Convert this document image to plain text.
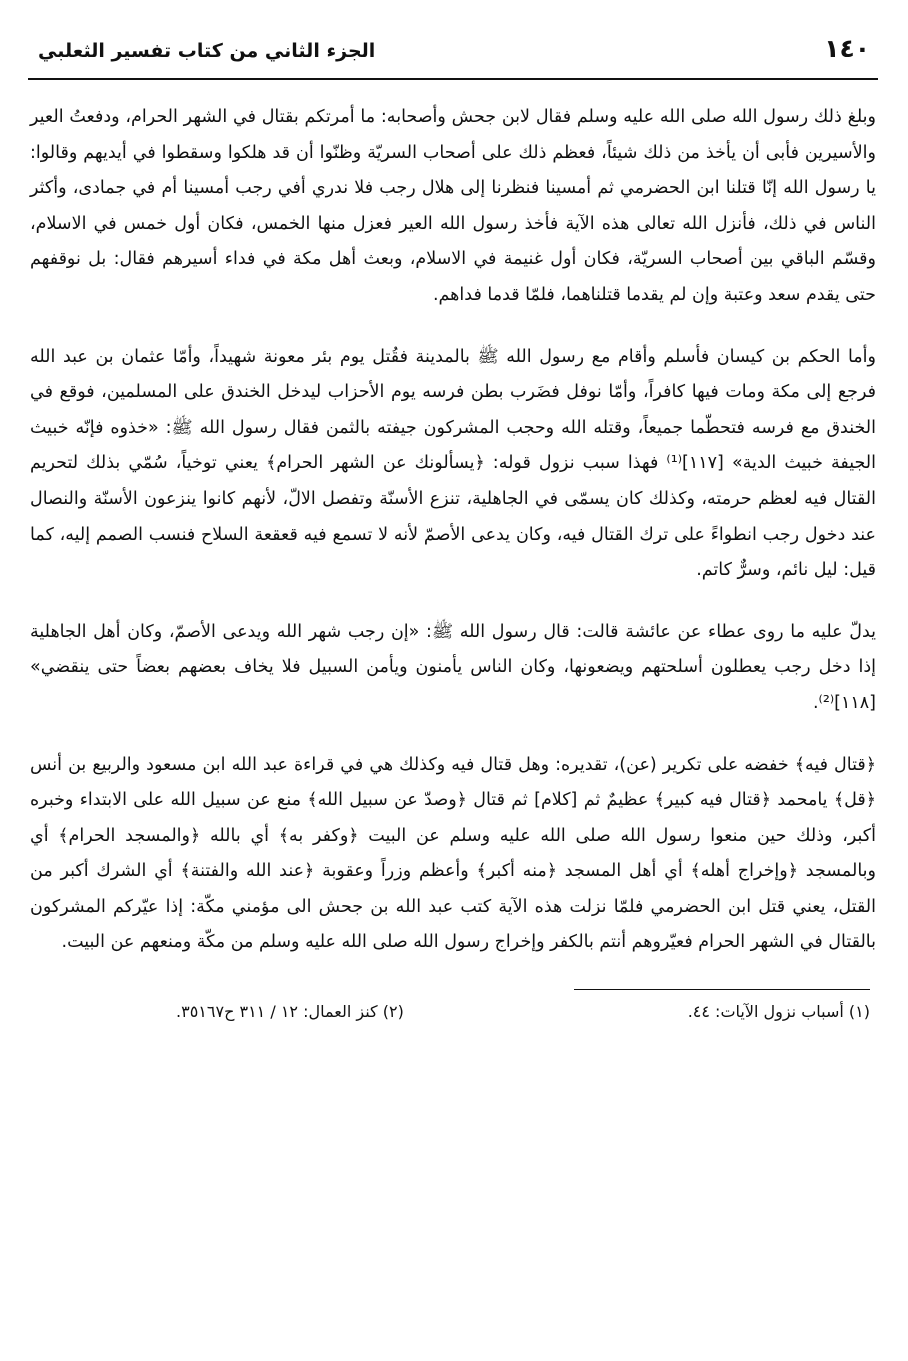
١٤٠
الجزء الثاني من كتاب تفسير الثعلبي

وبلغ ذلك رسول الله صلى الله عليه وسلم فقال لابن جحش وأصحابه: ما أمرتكم بقتال في الشهر الحرام، ودفعتُ العير والأسيرين فأبى أن يأخذ من ذلك شيئاً، فعظم ذلك على أصحاب السريّة وظنّوا أن قد هلكوا وسقطوا في أيديهم وقالوا: يا رسول الله إنّا قتلنا ابن الحضرمي ثم أمسينا فنظرنا إلى هلال رجب فلا ندري أفي رجب أمسينا أم في جمادى، وأكثر الناس في ذلك، فأنزل الله تعالى هذه الآية فأخذ رسول الله العير فعزل منها الخمس، فكان أول خمس في الاسلام، وقسّم الباقي بين أصحاب السريّة، فكان أول غنيمة في الاسلام، وبعث أهل مكة في فداء أسيرهم فقال: بل نوقفهم حتى يقدم سعد وعتبة وإن لم يقدما قتلناهما، فلمّا قدما فداهم.

وأما الحكم بن كيسان فأسلم وأقام مع رسول الله ﷺ بالمدينة فقُتل يوم بئر معونة شهيداً، وأمّا عثمان بن عبد الله فرجع إلى مكة ومات فيها كافراً، وأمّا نوفل فضَرب بطن فرسه يوم الأحزاب ليدخل الخندق على المسلمين، فوقع في الخندق مع فرسه فتحطّما جميعاً، وقتله الله وحجب المشركون جيفته بالثمن فقال رسول الله ﷺ: «خذوه فإنّه خبيث الجيفة خبيث الدية» [١١٧]⁽¹⁾ فهذا سبب نزول قوله: ﴿يسألونك عن الشهر الحرام﴾ يعني توخياً، سُمّي بذلك لتحريم القتال فيه لعظم حرمته، وكذلك كان يسمّى في الجاهلية، تنزع الأسنّة وتفصل الالّ، لأنهم كانوا ينزعون الأسنّة والنصال عند دخول رجب انطواءً على ترك القتال فيه، وكان يدعى الأصمّ لأنه لا تسمع فيه قعقعة السلاح فنسب الصمم إليه، كما قيل: ليل نائم، وسرٌّ كاتم.

يدلّ عليه ما روى عطاء عن عائشة قالت: قال رسول الله ﷺ: «إن رجب شهر الله ويدعى الأصمّ، وكان أهل الجاهلية إذا دخل رجب يعطلون أسلحتهم ويضعونها، وكان الناس يأمنون ويأمن السبيل فلا يخاف بعضهم بعضاً حتى ينقضي» [١١٨]⁽²⁾.

﴿قتال فيه﴾ خفضه على تكرير (عن)، تقديره: وهل قتال فيه وكذلك هي في قراءة عبد الله ابن مسعود والربيع بن أنس ﴿قل﴾ يامحمد ﴿قتال فيه كبير﴾ عظيمٌ ثم [كلام] ثم قتال ﴿وصدّ عن سبيل الله﴾ منع عن سبيل الله على الابتداء وخبره أكبر، وذلك حين منعوا رسول الله صلى الله عليه وسلم عن البيت ﴿وكفر به﴾ أي بالله ﴿والمسجد الحرام﴾ أي وبالمسجد ﴿وإخراج أهله﴾ أي أهل المسجد ﴿منه أكبر﴾ وأعظم وزراً وعقوبة ﴿عند الله والفتنة﴾ أي الشرك أكبر من القتل، يعني قتل ابن الحضرمي فلمّا نزلت هذه الآية كتب عبد الله بن جحش الى مؤمني مكّة: إذا عيّركم المشركون بالقتال في الشهر الحرام فعيّروهم أنتم بالكفر وإخراج رسول الله صلى الله عليه وسلم من مكّة ومنعهم عن البيت.

(١) أسباب نزول الآيات: ٤٤.
(٢) كنز العمال: ١٢ / ٣١١ ح٣٥١٦٧.
